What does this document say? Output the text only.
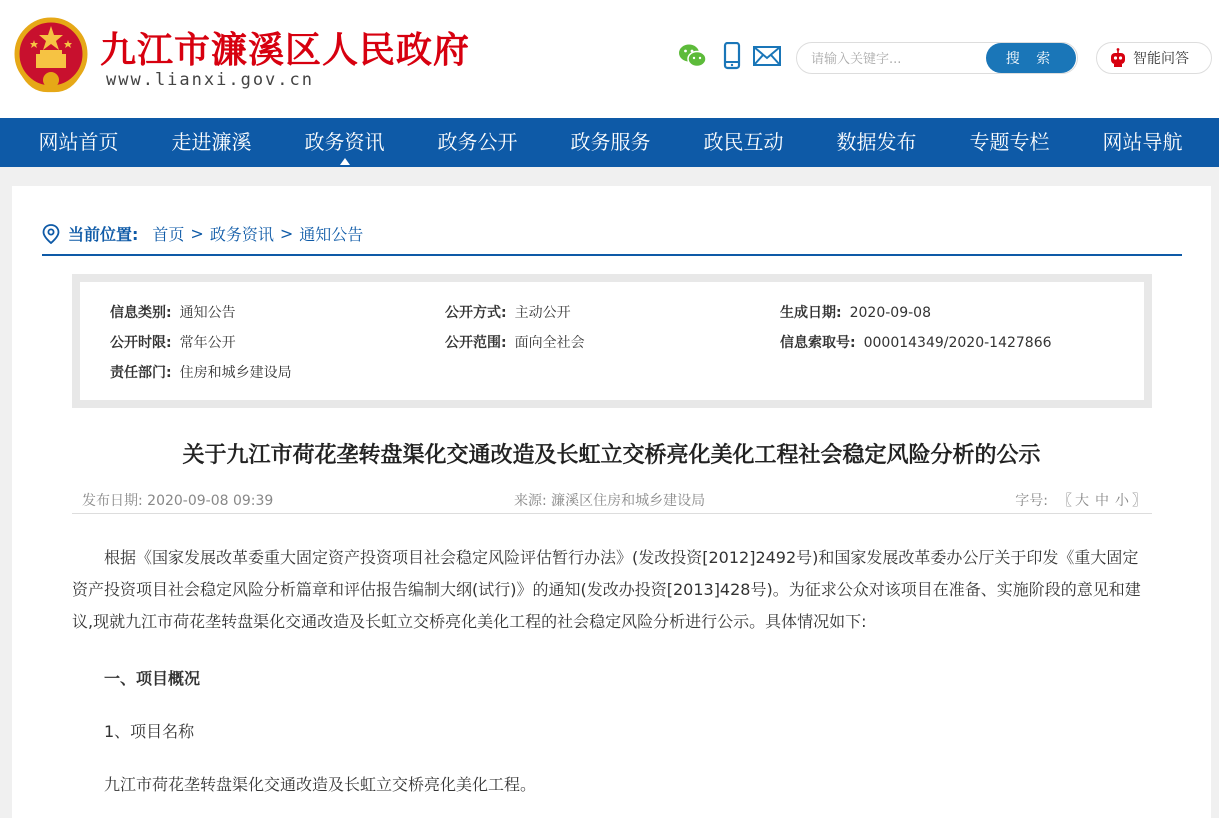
九江市濂溪区人民政府
www.lianxi.gov.cn
请输入关键字...
搜 索	智能问答
网站首页	走进濂溪	政务资讯	政务公开	政务服务	政民互动	数据发布	专题专栏	网站导航
当前位置: 首页 > 政务资讯 > 通知公告
信息类别: 通知公告	公开方式: 主动公开	生成日期: 2020-09-08
公开时限: 常年公开	公开范围: 面向全社会	信息索取号: 000014349/2020-1427866
责任部门: 住房和城乡建设局
关于九江市荷花垄转盘渠化交通改造及长虹立交桥亮化美化工程社会稳定风险分析的公示
发布日期: 2020-09-08 09:39	来源: 濂溪区住房和城乡建设局	字号: 〖 大 中 小 〗

根据《国家发展改革委重大固定资产投资项目社会稳定风险评估暂行办法》(发改投资[2012]2492号)和国家发展改革委办公厅关于印发《重大固定资产投资项目社会稳定风险分析篇章和评估报告编制大纲(试行)》的通知(发改办投资[2013]428号)。为征求公众对该项目在准备、实施阶段的意见和建议,现就九江市荷花垄转盘渠化交通改造及长虹立交桥亮化美化工程的社会稳定风险分析进行公示。具体情况如下:

一、项目概况
1、项目名称
九江市荷花垄转盘渠化交通改造及长虹立交桥亮化美化工程。
